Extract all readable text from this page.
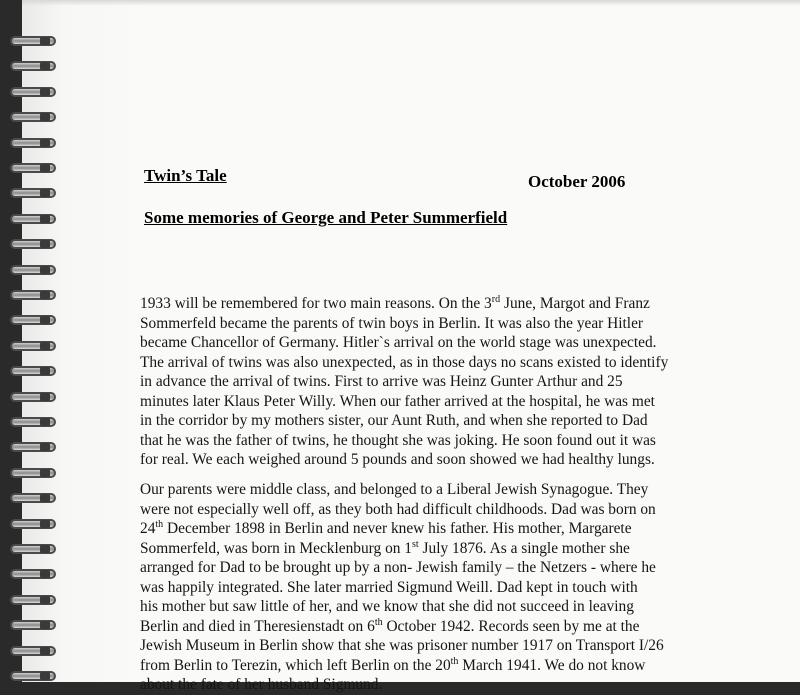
Twin’s Tale	October 2006
Some memories of George and Peter Summerfield
1933 will be remembered for two main reasons. On the 3rd June, Margot and Franz
Sommerfeld became the parents of twin boys in Berlin. It was also the year Hitler
became Chancellor of Germany. Hitler`s arrival on the world stage was unexpected.
The arrival of twins was also unexpected, as in those days no scans existed to identify
in advance the arrival of twins. First to arrive was Heinz Gunter Arthur and 25
minutes later Klaus Peter Willy. When our father arrived at the hospital, he was met
in the corridor by my mothers sister, our Aunt Ruth, and when she reported to Dad
that he was the father of twins, he thought she was joking. He soon found out it was
for real. We each weighed around 5 pounds and soon showed we had healthy lungs.
Our parents were middle class, and belonged to a Liberal Jewish Synagogue. They
were not especially well off, as they both had difficult childhoods. Dad was born on
24th December 1898 in Berlin and never knew his father. His mother, Margarete
Sommerfeld, was born in Mecklenburg on 1st July 1876. As a single mother she
arranged for Dad to be brought up by a non- Jewish family – the Netzers - where he
was happily integrated. She later married Sigmund Weill. Dad kept in touch with
his mother but saw little of her, and we know that she did not succeed in leaving
Berlin and died in Theresienstadt on 6th October 1942. Records seen by me at the
Jewish Museum in Berlin show that she was prisoner number 1917 on Transport I/26
from Berlin to Terezin, which left Berlin on the 20th March 1941. We do not know
about the fate of her husband Sigmund.
